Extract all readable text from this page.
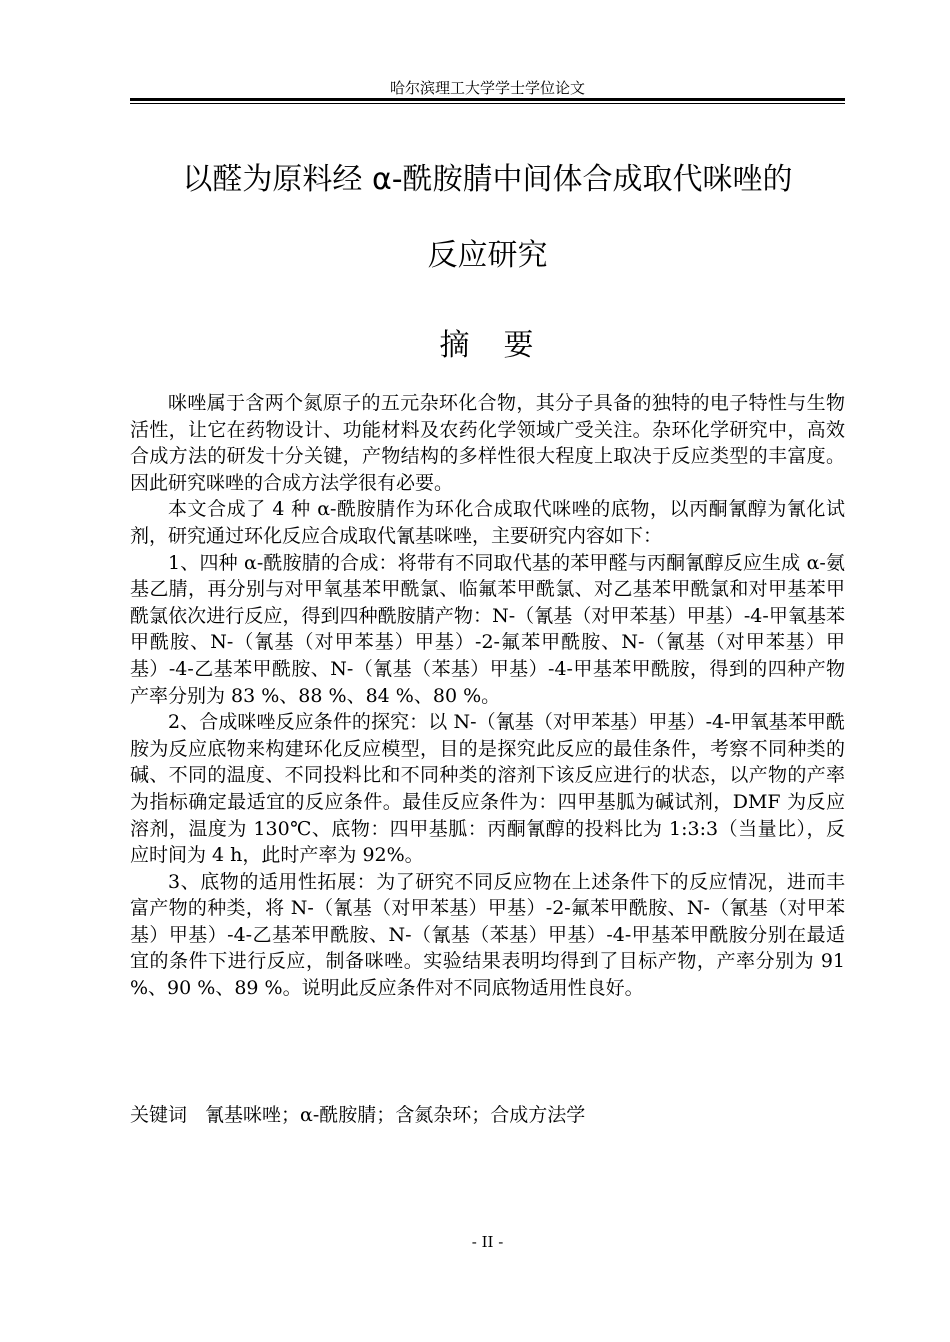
哈尔滨理工大学学士学位论文
以醛为原料经 α-酰胺腈中间体合成取代咪唑的
反应研究
摘　要

咪唑属于含两个氮原子的五元杂环化合物，其分子具备的独特的电子特性与生物活性，让它在药物设计、功能材料及农药化学领域广受关注。杂环化学研究中，高效合成方法的研发十分关键，产物结构的多样性很大程度上取决于反应类型的丰富度。因此研究咪唑的合成方法学很有必要。

本文合成了 4 种 α-酰胺腈作为环化合成取代咪唑的底物，以丙酮氰醇为氰化试剂，研究通过环化反应合成取代氰基咪唑，主要研究内容如下：

1、四种 α-酰胺腈的合成：将带有不同取代基的苯甲醛与丙酮氰醇反应生成 α-氨基乙腈，再分别与对甲氧基苯甲酰氯、临氟苯甲酰氯、对乙基苯甲酰氯和对甲基苯甲酰氯依次进行反应，得到四种酰胺腈产物：N-（氰基（对甲苯基）甲基）-4-甲氧基苯甲酰胺、N-（氰基（对甲苯基）甲基）-2-氟苯甲酰胺、N-（氰基（对甲苯基）甲基）-4-乙基苯甲酰胺、N-（氰基（苯基）甲基）-4-甲基苯甲酰胺，得到的四种产物产率分别为 83 %、88 %、84 %、80 %。

2、合成咪唑反应条件的探究：以 N-（氰基（对甲苯基）甲基）-4-甲氧基苯甲酰胺为反应底物来构建环化反应模型，目的是探究此反应的最佳条件，考察不同种类的碱、不同的温度、不同投料比和不同种类的溶剂下该反应进行的状态，以产物的产率为指标确定最适宜的反应条件。最佳反应条件为：四甲基胍为碱试剂，DMF 为反应溶剂，温度为 130℃、底物：四甲基胍：丙酮氰醇的投料比为 1:3:3（当量比），反应时间为 4 h，此时产率为 92%。

3、底物的适用性拓展：为了研究不同反应物在上述条件下的反应情况，进而丰富产物的种类，将 N-（氰基（对甲苯基）甲基）-2-氟苯甲酰胺、N-（氰基（对甲苯基）甲基）-4-乙基苯甲酰胺、N-（氰基（苯基）甲基）-4-甲基苯甲酰胺分别在最适宜的条件下进行反应，制备咪唑。实验结果表明均得到了目标产物，产率分别为 91 %、90 %、89 %。说明此反应条件对不同底物适用性良好。

关键词 氰基咪唑；α-酰胺腈；含氮杂环；合成方法学
- II -
